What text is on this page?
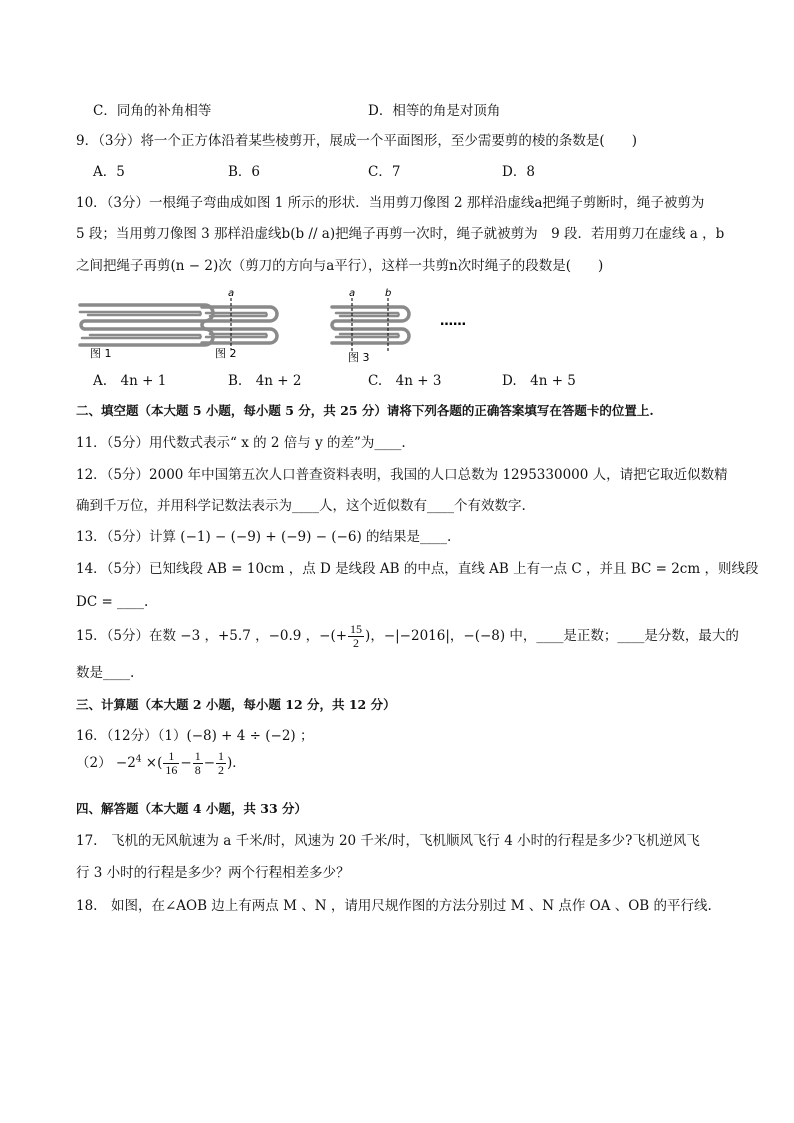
C．同角的补角相等	D．相等的角是对顶角
9．（3分）将一个正方体沿着某些棱剪开，展成一个平面图形，至少需要剪的棱的条数是(　　)
A．5	B．6	C．7	D．8
10．（3分）一根绳子弯曲成如图 1 所示的形状．当用剪刀像图 2 那样沿虚线a把绳子剪断时，绳子被剪为
5 段；当用剪刀像图 3 那样沿虚线b(b // a)把绳子再剪一次时，绳子就被剪为　9 段．若用剪刀在虚线 a ，b
之间把绳子再剪(n − 2)次（剪刀的方向与a平行），这样一共剪n次时绳子的段数是(　　)
a	a	b
图 1	图 2	图 3
……
A.　4n + 1	B.　4n + 2	C.　4n + 3	D.　4n + 5
二、填空题（本大题 5 小题，每小题 5 分，共 25 分）请将下列各题的正确答案填写在答题卡的位置上.
11．（5分）用代数式表示“ x 的 2 倍与 y 的差”为____.
12．（5分）2000 年中国第五次人口普查资料表明，我国的人口总数为 1295330000 人，请把它取近似数精
确到千万位，并用科学记数法表示为____人，这个近似数有____个有效数字.
13．（5分）计算 (−1) − (−9) + (−9) − (−6) 的结果是____.
14．（5分）已知线段 AB = 10cm ，点 D 是线段 AB 的中点，直线 AB 上有一点 C ，并且 BC = 2cm ，则线段
DC = ____.
15．（5分）在数 −3 ，+5.7 ，−0.9 ，−(+ $\frac{15}{2}$ )，−|−2016|，−(−8) 中，____是正数；____是分数，最大的
数是____.
三、计算题（本大题 2 小题，每小题 12 分，共 12 分）
16．（12分）（1）(−8) + 4 ÷ (−2) ；
$(2) -2^4$ ×( $\frac{1}{16} - \frac{1}{8} - \frac{1}{2}$ )．
四、解答题（本大题 4 小题，共 33 分）
17.　飞机的无风航速为 a 千米/时，风速为 20 千米/时，飞机顺风飞行 4 小时的行程是多少?飞机逆风飞
行 3 小时的行程是多少？两个行程相差多少？
18.　如图，在∠AOB 边上有两点 M 、N ，请用尺规作图的方法分别过 M 、N 点作 OA 、OB 的平行线.
